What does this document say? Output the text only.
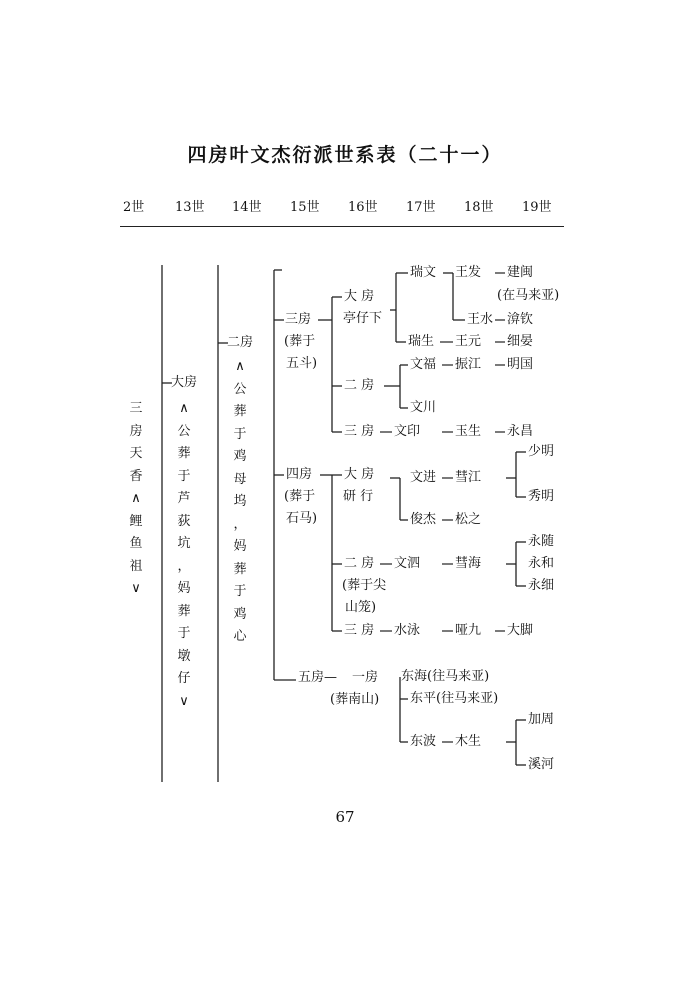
四房叶文杰衍派世系表（二十一）
2世 13世 14世 15世 16世 17世 18世 19世
三
房
天
香
∧
鲤
鱼
祖
∨
大房
∧
公
葬
于
芦
荻
坑
，
妈
葬
于
墩
仔
∨
二房
∧
公
葬
于
鸡
母
坞
，
妈
葬
于
鸡
心
三房
(葬于
五斗)
大 房
亭仔下
瑞文 王发 建闽
(在马来亚)
王水 渰钦
瑞生 王元 细晏
二 房
文福 振江 明国
文川
三 房 文印	玉生 永昌
四房
(葬于
石马)
大 房
研 行
文进 彗江
少明
秀明
俊杰 松之
二 房
(葬于尖
山笼)
文泗	彗海
永随
永和
永细
三 房 水泳	哑九 大脚
五房— 一房
(葬南山)
东海(往马来亚)
东平(往马来亚)
东波 木生
加周
溪河
67
